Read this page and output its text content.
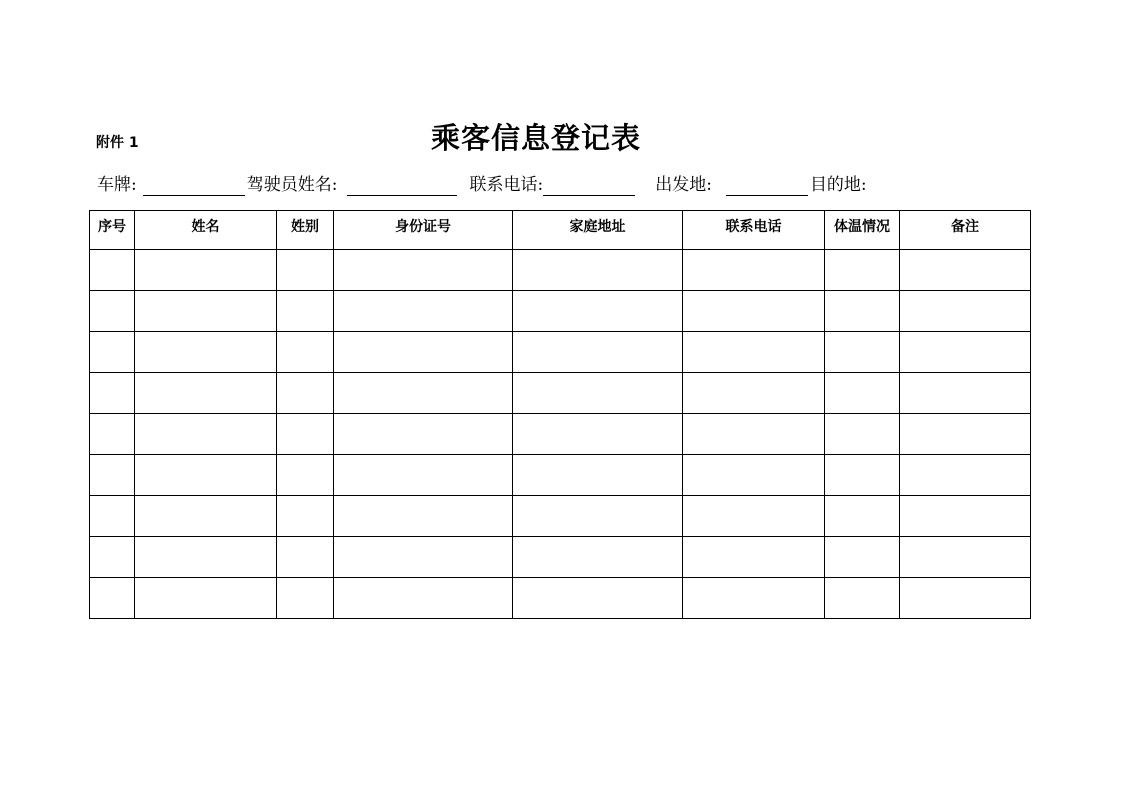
附件 1	乘客信息登记表
车牌:	驾驶员姓名:	联系电话:	出发地:	目的地:
序号	姓名	姓别	身份证号	家庭地址	联系电话	体温情况	备注
